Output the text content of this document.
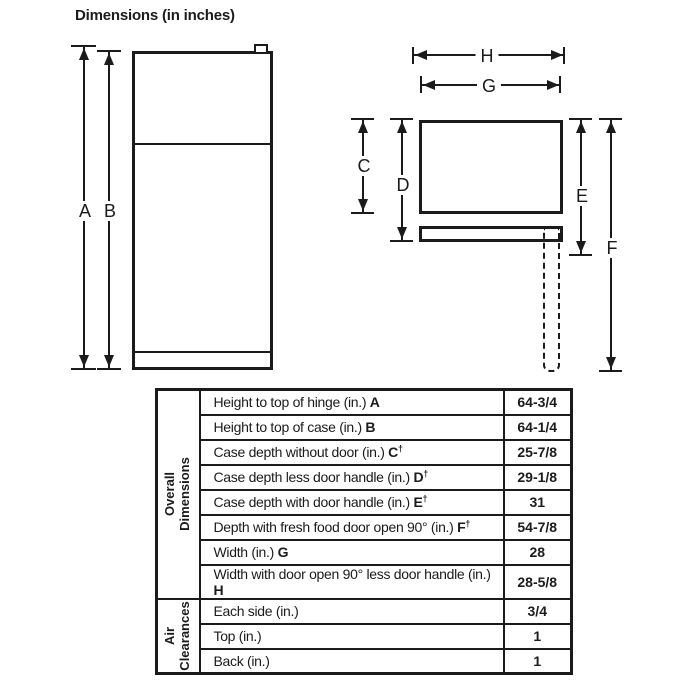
Dimensions (in inches)
A B
H
G
C
D
E
F
Overall Dimensions	Height to top of hinge (in.) A	64-3/4
	Height to top of case (in.) B	64-1/4
	Case depth without door (in.) C†	25-7/8
	Case depth less door handle (in.) D†	29-1/8
	Case depth with door handle (in.) E†	31
	Depth with fresh food door open 90° (in.) F†	54-7/8
	Width (in.) G	28
	Width with door open 90° less door handle (in.) H	28-5/8

Air Clearances	Each side (in.)	3/4
	Top (in.)	1
	Back (in.)	1
